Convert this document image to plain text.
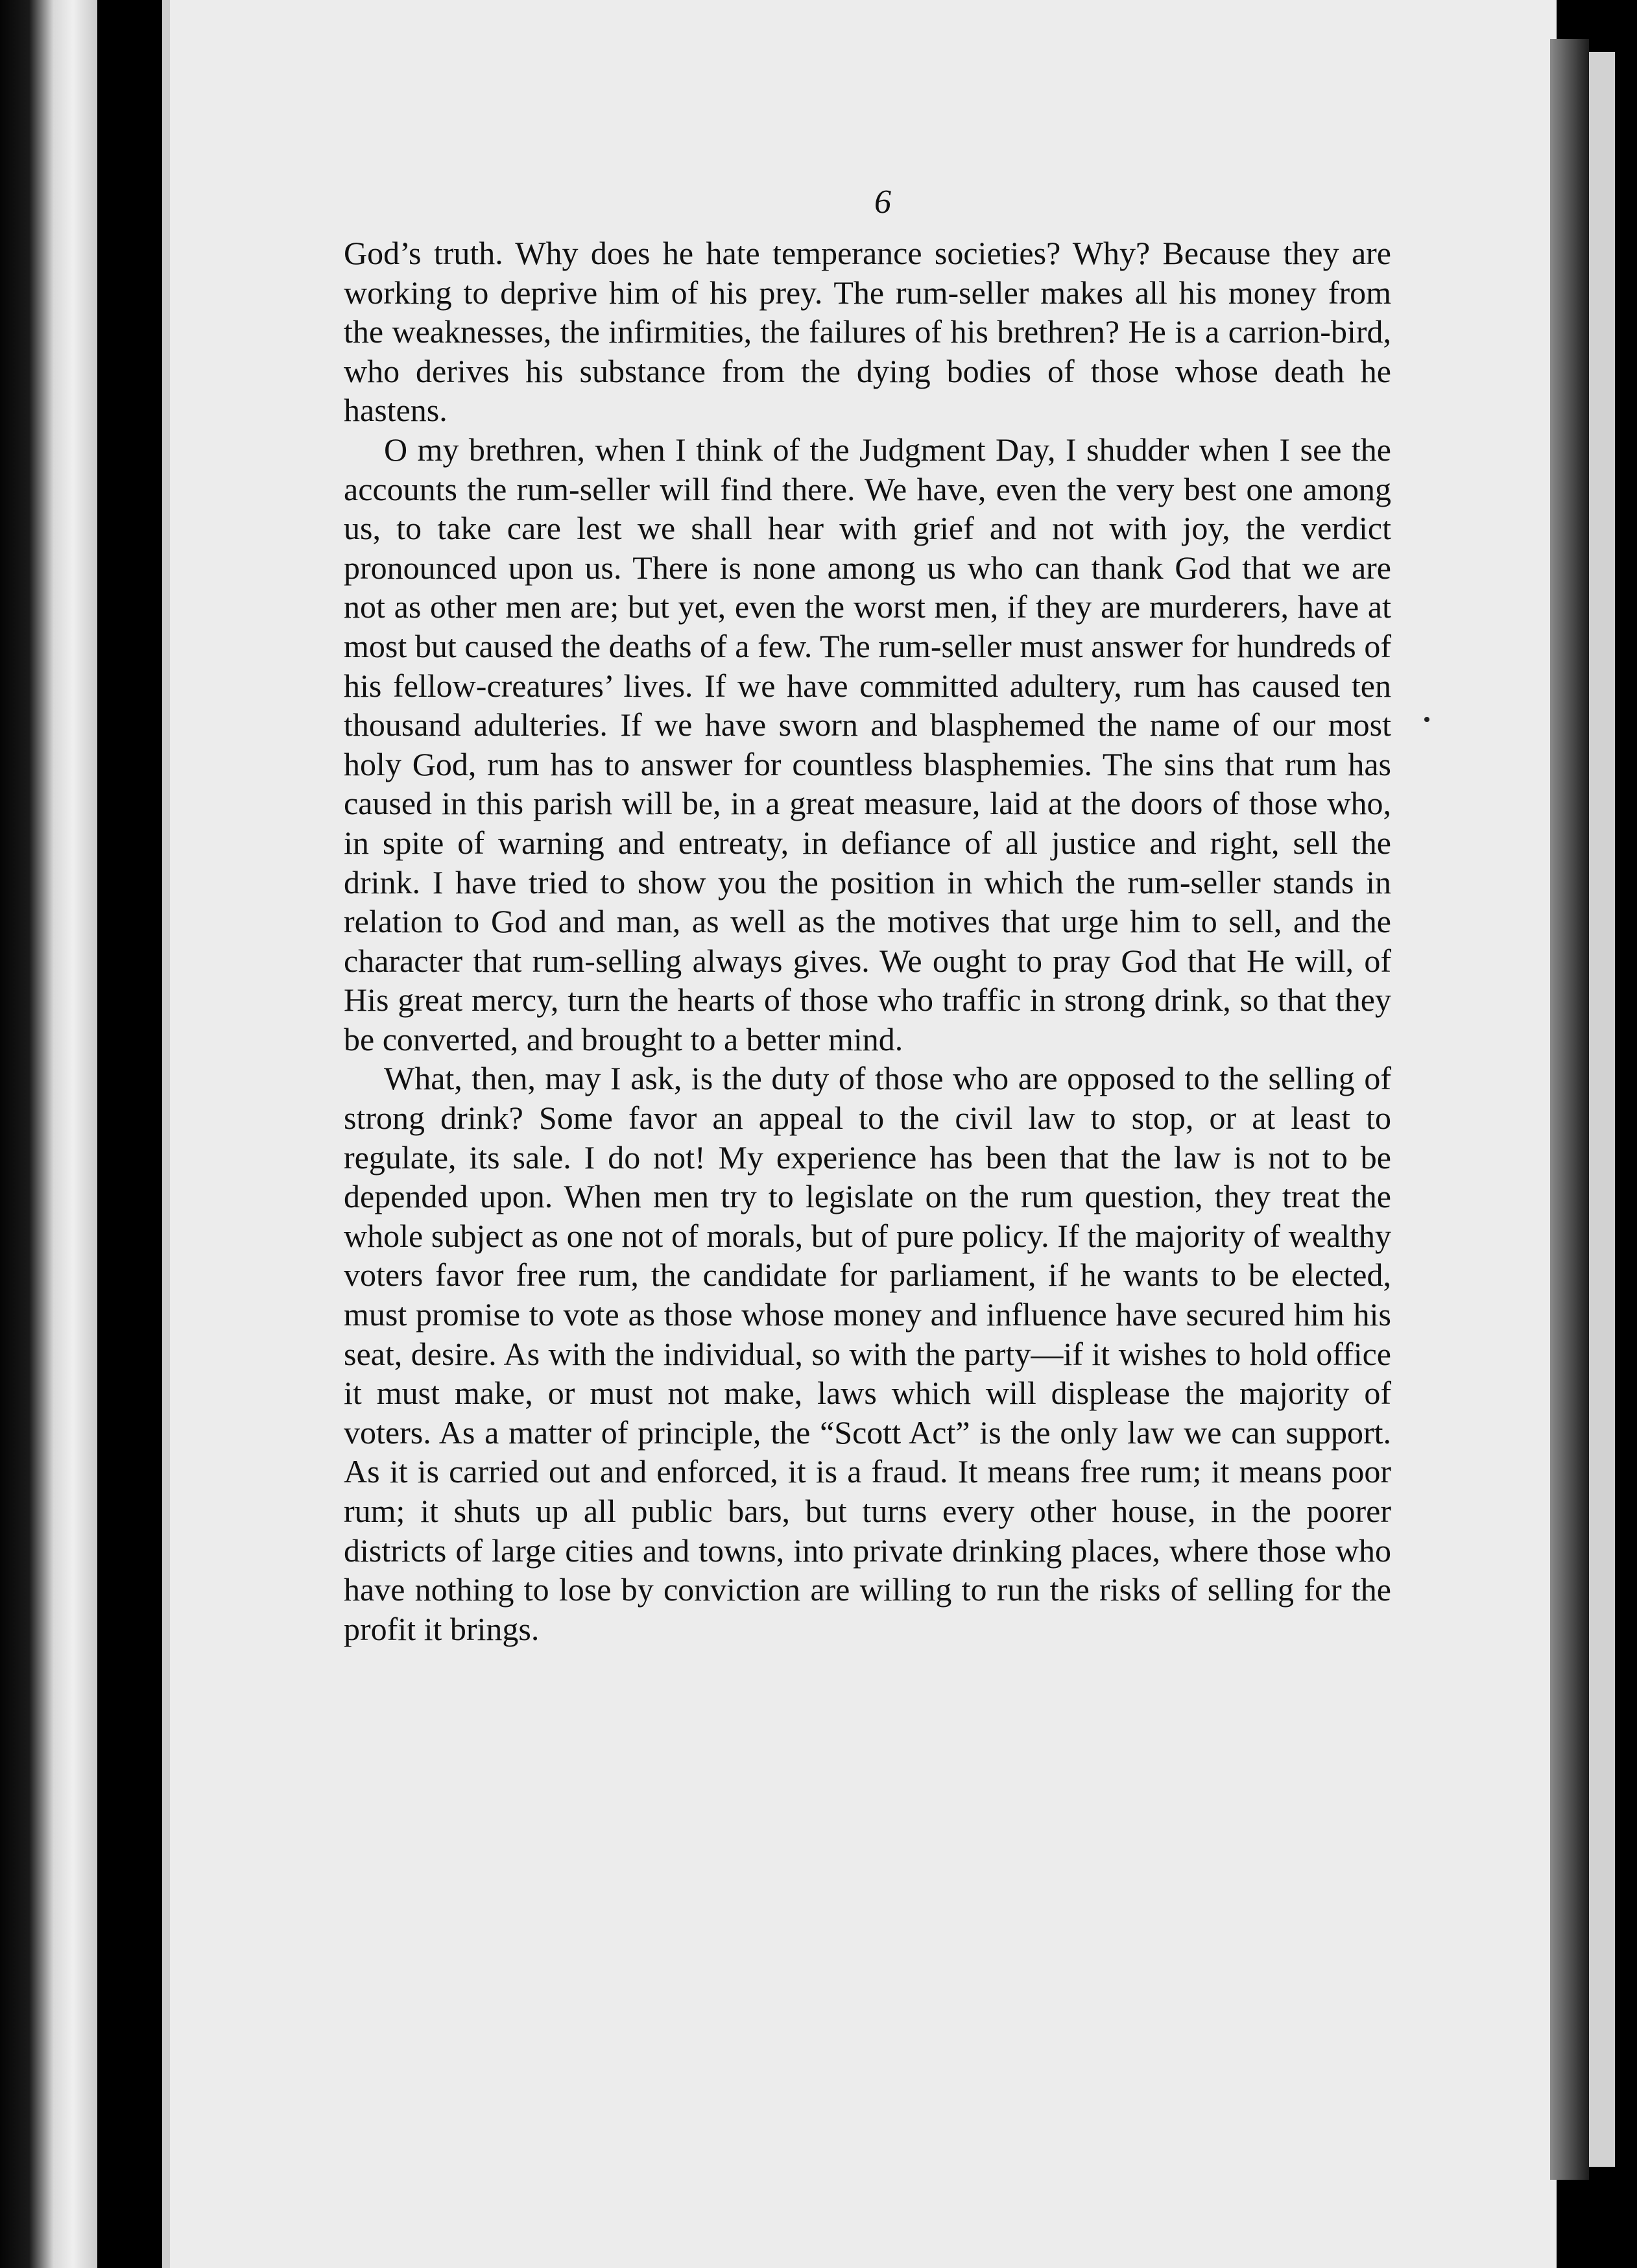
6

God’s truth. Why does he hate temperance societies? Why? Because they are working to deprive him of his prey. The rum-seller makes all his money from the weaknesses, the infirmities, the failures of his brethren? He is a carrion-bird, who derives his substance from the dying bodies of those whose death he hastens.

O my brethren, when I think of the Judgment Day, I shudder when I see the accounts the rum-seller will find there. We have, even the very best one among us, to take care lest we shall hear with grief and not with joy, the verdict pronounced upon us. There is none among us who can thank God that we are not as other men are; but yet, even the worst men, if they are murderers, have at most but caused the deaths of a few. The rum-seller must answer for hundreds of his fellow-creatures’ lives. If we have committed adultery, rum has caused ten thousand adulteries. If we have sworn and blasphemed the name of our most holy God, rum has to answer for countless blasphemies. The sins that rum has caused in this parish will be, in a great measure, laid at the doors of those who, in spite of warning and entreaty, in defiance of all justice and right, sell the drink. I have tried to show you the position in which the rum-seller stands in relation to God and man, as well as the motives that urge him to sell, and the character that rum-selling always gives. We ought to pray God that He will, of His great mercy, turn the hearts of those who traffic in strong drink, so that they be converted, and brought to a better mind.

What, then, may I ask, is the duty of those who are opposed to the selling of strong drink? Some favor an appeal to the civil law to stop, or at least to regulate, its sale. I do not! My experience has been that the law is not to be depended upon. When men try to legislate on the rum question, they treat the whole subject as one not of morals, but of pure policy. If the majority of wealthy voters favor free rum, the candidate for parliament, if he wants to be elected, must promise to vote as those whose money and influence have secured him his seat, desire. As with the individual, so with the party—if it wishes to hold office it must make, or must not make, laws which will displease the majority of voters. As a matter of principle, the “Scott Act” is the only law we can support. As it is carried out and enforced, it is a fraud. It means free rum; it means poor rum; it shuts up all public bars, but turns every other house, in the poorer districts of large cities and towns, into private drinking places, where those who have nothing to lose by conviction are willing to run the risks of selling for the profit it brings.
